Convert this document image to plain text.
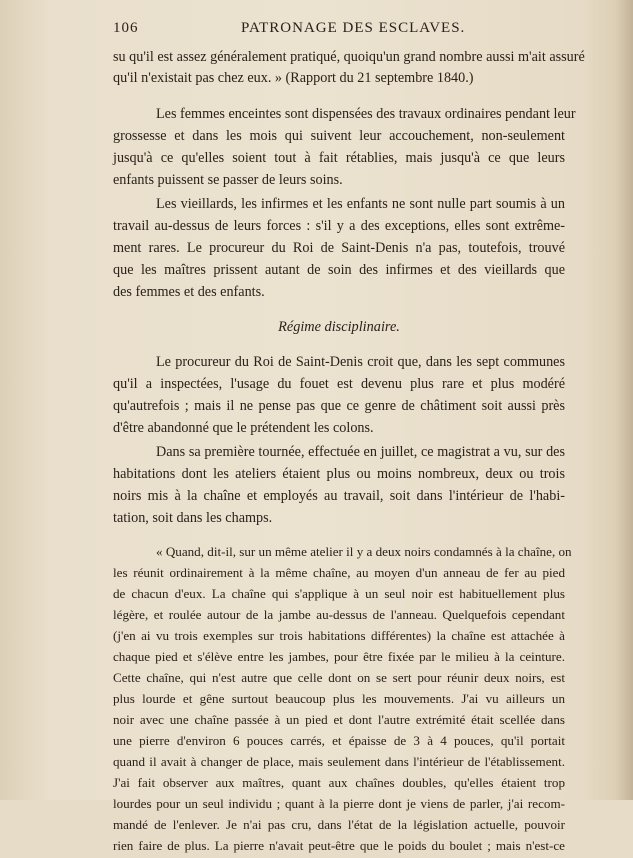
106	PATRONAGE DES ESCLAVES.
su qu'il est assez généralement pratiqué, quoiqu'un grand nombre aussi m'ait assuré
qu'il n'existait pas chez eux. » (Rapport du 21 septembre 1840.)
Les femmes enceintes sont dispensées des travaux ordinaires pendant leur
grossesse et dans les mois qui suivent leur accouchement, non-seulement
jusqu'à ce qu'elles soient tout à fait rétablies, mais jusqu'à ce que leurs
enfants puissent se passer de leurs soins.
Les vieillards, les infirmes et les enfants ne sont nulle part soumis à un
travail au-dessus de leurs forces : s'il y a des exceptions, elles sont extrême-
ment rares. Le procureur du Roi de Saint-Denis n'a pas, toutefois, trouvé
que les maîtres prissent autant de soin des infirmes et des vieillards que
des femmes et des enfants.
Régime disciplinaire.
Le procureur du Roi de Saint-Denis croit que, dans les sept communes
qu'il a inspectées, l'usage du fouet est devenu plus rare et plus modéré
qu'autrefois ; mais il ne pense pas que ce genre de châtiment soit aussi près
d'être abandonné que le prétendent les colons.
Dans sa première tournée, effectuée en juillet, ce magistrat a vu, sur des
habitations dont les ateliers étaient plus ou moins nombreux, deux ou trois
noirs mis à la chaîne et employés au travail, soit dans l'intérieur de l'habi-
tation, soit dans les champs.
« Quand, dit-il, sur un même atelier il y a deux noirs condamnés à la chaîne, on
les réunit ordinairement à la même chaîne, au moyen d'un anneau de fer au pied
de chacun d'eux. La chaîne qui s'applique à un seul noir est habituellement plus
légère, et roulée autour de la jambe au-dessus de l'anneau. Quelquefois cependant
(j'en ai vu trois exemples sur trois habitations différentes) la chaîne est attachée à
chaque pied et s'élève entre les jambes, pour être fixée par le milieu à la ceinture.
Cette chaîne, qui n'est autre que celle dont on se sert pour réunir deux noirs, est
plus lourde et gêne surtout beaucoup plus les mouvements. J'ai vu ailleurs un
noir avec une chaîne passée à un pied et dont l'autre extrémité était scellée dans
une pierre d'environ 6 pouces carrés, et épaisse de 3 à 4 pouces, qu'il portait
quand il avait à changer de place, mais seulement dans l'intérieur de l'établissement.
J'ai fait observer aux maîtres, quant aux chaînes doubles, qu'elles étaient trop
lourdes pour un seul individu ; quant à la pierre dont je viens de parler, j'ai recom-
mandé de l'enlever. Je n'ai pas cru, dans l'état de la législation actuelle, pouvoir
rien faire de plus. La pierre n'avait peut-être que le poids du boulet ; mais n'est-ce
